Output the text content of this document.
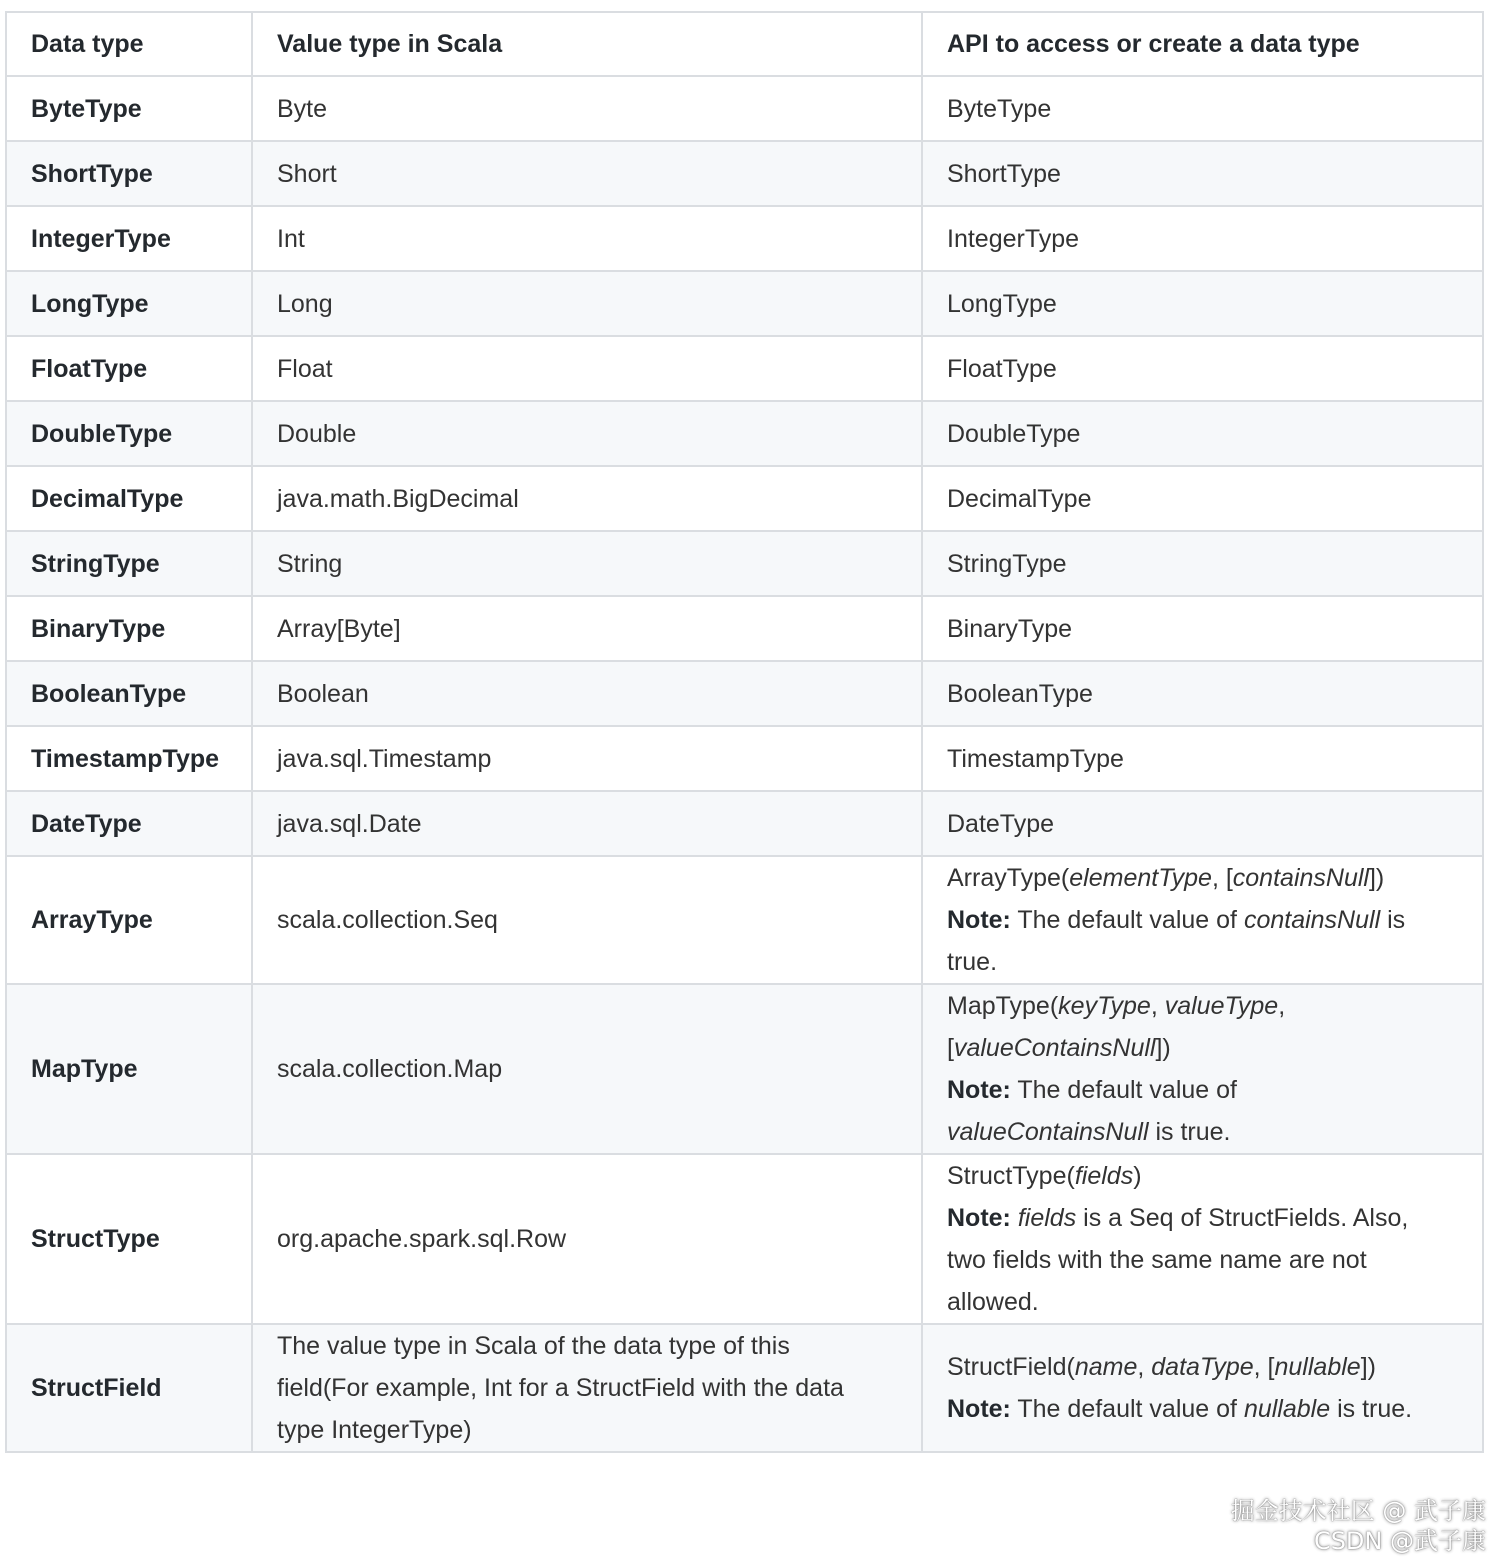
Data type	Value type in Scala	API to access or create a data type
ByteType	Byte	ByteType
ShortType	Short	ShortType
IntegerType	Int	IntegerType
LongType	Long	LongType
FloatType	Float	FloatType
DoubleType	Double	DoubleType
DecimalType	java.math.BigDecimal	DecimalType
StringType	String	StringType
BinaryType	Array[Byte]	BinaryType
BooleanType	Boolean	BooleanType
TimestampType	java.sql.Timestamp	TimestampType
DateType	java.sql.Date	DateType
ArrayType	scala.collection.Seq	ArrayType(elementType, [containsNull])
Note: The default value of containsNull is
true.

MapType	scala.collection.Map	MapType(keyType, valueType,
[valueContainsNull])
Note: The default value of
valueContainsNull is true.

StructType	org.apache.spark.sql.Row	StructType(fields)
Note: fields is a Seq of StructFields. Also,
two fields with the same name are not
allowed.

StructField	The value type in Scala of the data type of this
field(For example, Int for a StructField with the data
type IntegerType)	StructField(name, dataType, [nullable])
Note: The default value of nullable is true.
掘金技术社区 @ 武子康
CSDN @武子康
